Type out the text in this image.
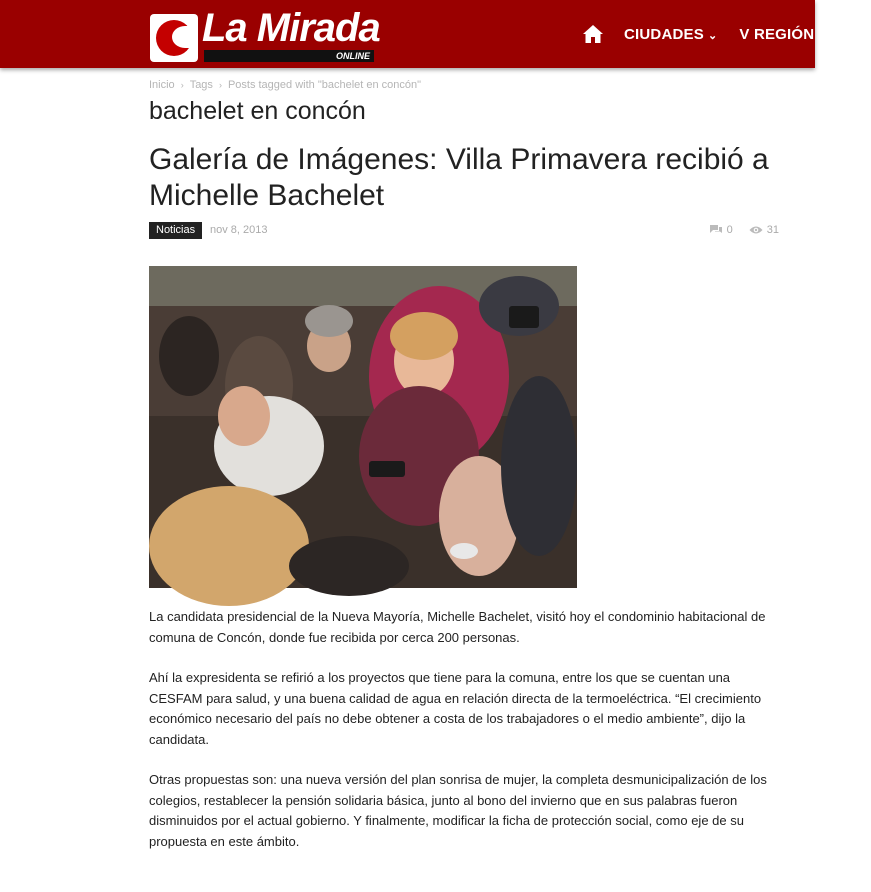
La Mirada
ONLINE
CIUDADES ⌄ V REGIÓN M
Inicio › Tags › Posts tagged with "bachelet en concón"
bachelet en concón
Galería de Imágenes: Villa Primavera recibió a Michelle Bachelet
Noticias	nov 8, 2013	0	31

La candidata presidencial de la Nueva Mayoría, Michelle Bachelet, visitó hoy el condominio habitacional de comuna de Concón, donde fue recibida por cerca 200 personas.

Ahí la expresidenta se refirió a los proyectos que tiene para la comuna, entre los que se cuentan una CESFAM para salud, y una buena calidad de agua en relación directa de la termoeléctrica. “El crecimiento económico necesario del país no debe obtener a costa de los trabajadores o el medio ambiente”, dijo la candidata.

Otras propuestas son: una nueva versión del plan sonrisa de mujer, la completa desmunicipalización de los colegios, restablecer la pensión solidaria básica, junto al bono del invierno que en sus palabras fueron disminuidos por el actual gobierno. Y finalmente, modificar la ficha de protección social, como eje de su propuesta en este ámbito.
